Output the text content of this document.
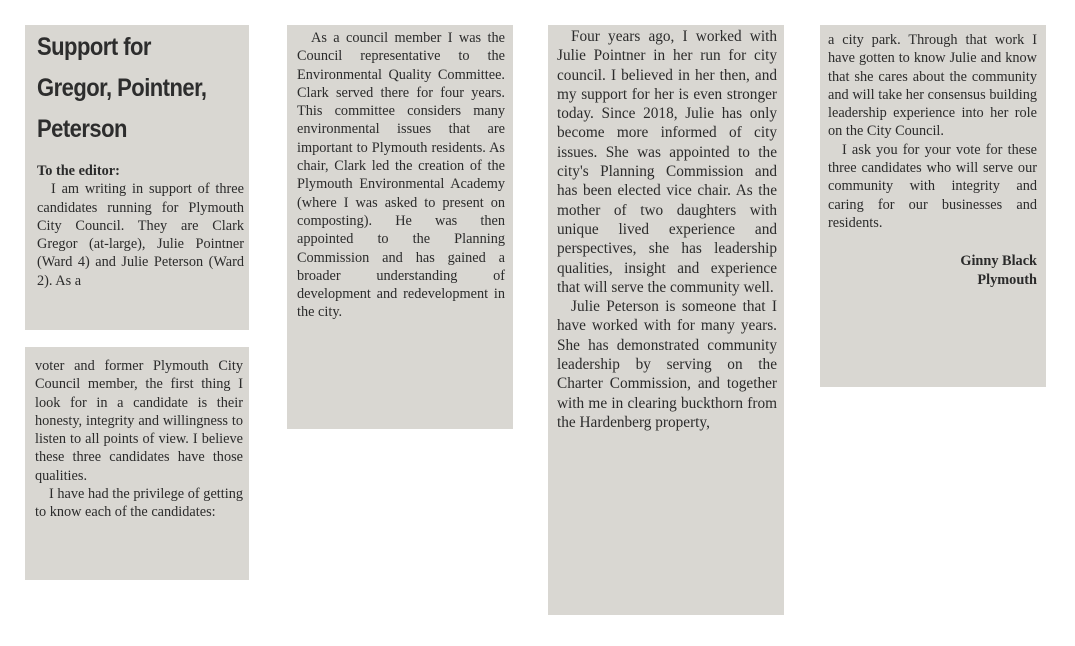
Support for
Gregor, Pointner,
Peterson

To the editor:

I am writing in support of three candidates running for Plymouth City Council. They are Clark Gregor (at-large), Julie Pointner (Ward 4) and Julie Peterson (Ward 2). As a

voter and former Plymouth City Council member, the first thing I look for in a candidate is their honesty, integrity and willingness to listen to all points of view. I believe these three candidates have those qualities.

I have had the privilege of getting to know each of the candidates:

As a council member I was the Council representative to the Environmental Quality Committee. Clark served there for four years. This committee considers many environmental issues that are important to Plymouth residents. As chair, Clark led the creation of the Plymouth Environmental Academy (where I was asked to present on composting). He was then appointed to the Planning Commission and has gained a broader understanding of development and redevelopment in the city.

Four years ago, I worked with Julie Pointner in her run for city council. I believed in her then, and my support for her is even stronger today. Since 2018, Julie has only become more informed of city issues. She was appointed to the city's Planning Commission and has been elected vice chair. As the mother of two daughters with unique lived experience and perspectives, she has leadership qualities, insight and experience that will serve the community well.

Julie Peterson is someone that I have worked with for many years. She has demonstrated community leadership by serving on the Charter Commission, and together with me in clearing buckthorn from the Hardenberg property,

a city park. Through that work I have gotten to know Julie and know that she cares about the community and will take her consensus building leadership experience into her role on the City Council.

I ask you for your vote for these three candidates who will serve our community with integrity and caring for our businesses and residents.

Ginny Black

Plymouth
